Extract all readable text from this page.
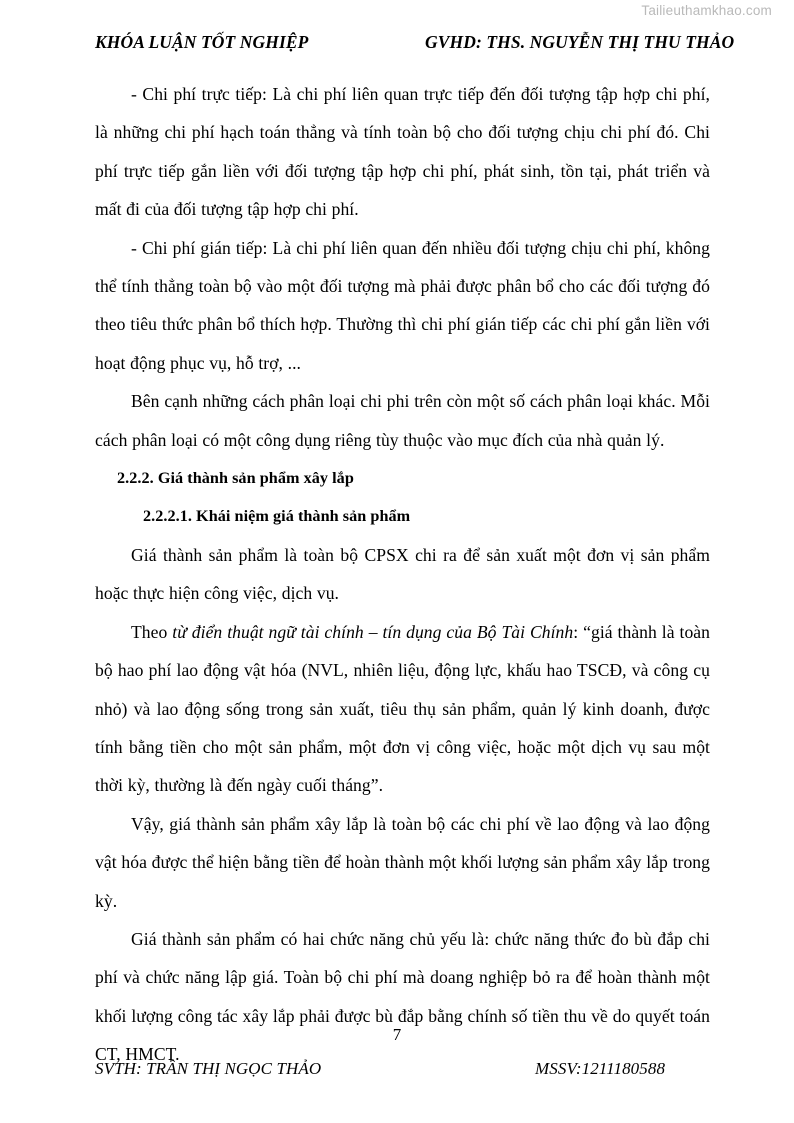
Tailieuthamkhao.com
KHÓA LUẬN TỐT NGHIỆP	GVHD: THS. NGUYỄN THỊ THU THẢO

- Chi phí trực tiếp: Là chi phí liên quan trực tiếp đến đối tượng tập hợp chi phí, là những chi phí hạch toán thẳng và tính toàn bộ cho đối tượng chịu chi phí đó. Chi phí trực tiếp gắn liền với đối tượng tập hợp chi phí, phát sinh, tồn tại, phát triển và mất đi của đối tượng tập hợp chi phí.

- Chi phí gián tiếp: Là chi phí liên quan đến nhiều đối tượng chịu chi phí, không thể tính thẳng toàn bộ vào một đối tượng mà phải được phân bổ cho các đối tượng đó theo tiêu thức phân bổ thích hợp. Thường thì chi phí gián tiếp các chi phí gắn liền với hoạt động phục vụ, hỗ trợ, ...

Bên cạnh những cách phân loại chi phi trên còn một số cách phân loại khác. Mỗi cách phân loại có một công dụng riêng tùy thuộc vào mục đích của nhà quản lý.

2.2.2. Giá thành sản phẩm xây lắp

2.2.2.1. Khái niệm giá thành sản phẩm

Giá thành sản phẩm là toàn bộ CPSX chi ra để sản xuất một đơn vị sản phẩm hoặc thực hiện công việc, dịch vụ.

Theo từ điển thuật ngữ tài chính – tín dụng của Bộ Tài Chính: “giá thành là toàn bộ hao phí lao động vật hóa (NVL, nhiên liệu, động lực, khấu hao TSCĐ, và công cụ nhỏ) và lao động sống trong sản xuất, tiêu thụ sản phẩm, quản lý kinh doanh, được tính bằng tiền cho một sản phẩm, một đơn vị công việc, hoặc một dịch vụ sau một thời kỳ, thường là đến ngày cuối tháng”.

Vậy, giá thành sản phẩm xây lắp là toàn bộ các chi phí về lao động và lao động vật hóa được thể hiện bằng tiền để hoàn thành một khối lượng sản phẩm xây lắp trong kỳ.

Giá thành sản phẩm có hai chức năng chủ yếu là: chức năng thức đo bù đắp chi phí và chức năng lập giá. Toàn bộ chi phí mà doang nghiệp bỏ ra để hoàn thành một khối lượng công tác xây lắp phải được bù đắp bằng chính số tiền thu về do quyết toán CT, HMCT.

7
SVTH: TRẦN THỊ NGỌC THẢO	MSSV:1211180588
